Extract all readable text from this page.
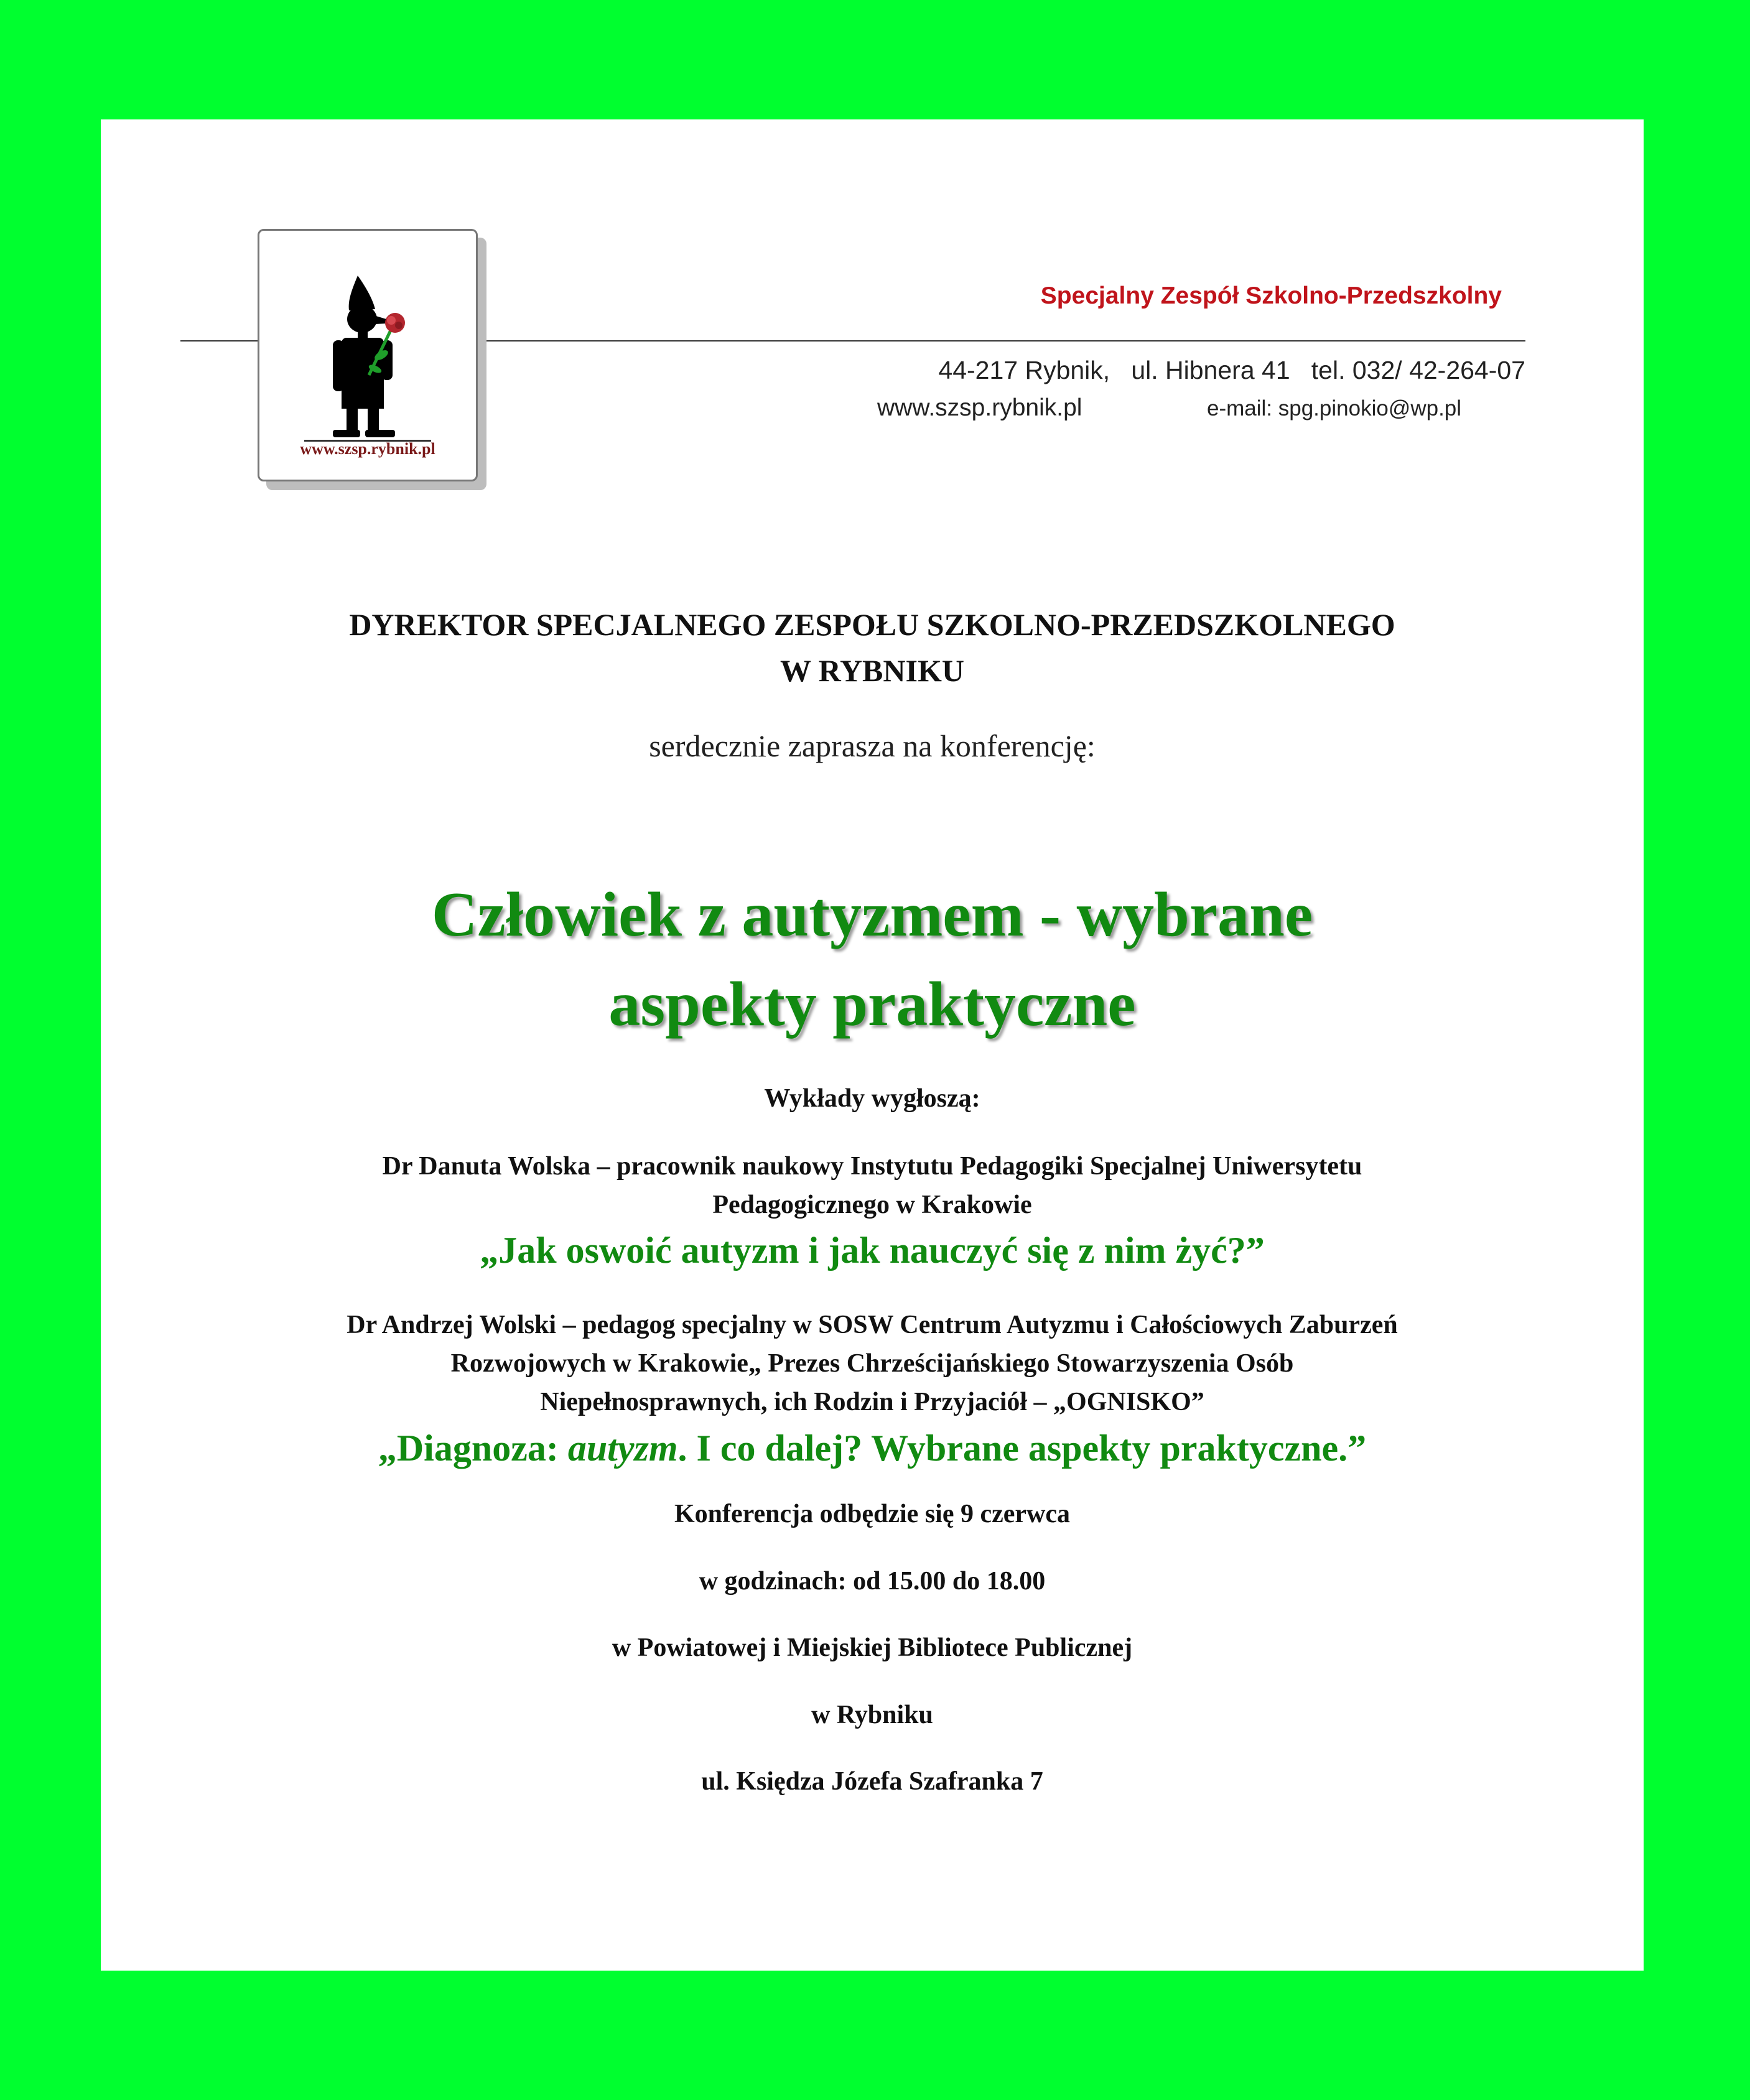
www.szsp.rybnik.pl
Specjalny Zespół Szkolno-Przedszkolny
44-217 Rybnik,   ul. Hibnera 41   tel. 032/ 42-264-07
www.szsp.rybnik.pl	e-mail: spg.pinokio@wp.pl
DYREKTOR SPECJALNEGO ZESPOŁU SZKOLNO-PRZEDSZKOLNEGO
W RYBNIKU
serdecznie zaprasza na konferencję:
Człowiek z autyzmem - wybrane
aspekty praktyczne
Wykłady wygłoszą:
Dr Danuta Wolska – pracownik naukowy Instytutu Pedagogiki Specjalnej Uniwersytetu
Pedagogicznego w Krakowie
„Jak oswoić autyzm i jak nauczyć się z nim żyć?”
Dr Andrzej Wolski – pedagog specjalny w SOSW Centrum Autyzmu i Całościowych Zaburzeń
Rozwojowych w Krakowie„ Prezes Chrześcijańskiego Stowarzyszenia Osób
Niepełnosprawnych, ich Rodzin i Przyjaciół – „OGNISKO”
„Diagnoza: autyzm. I co dalej? Wybrane aspekty praktyczne.”
Konferencja odbędzie się 9 czerwca
w godzinach: od 15.00 do 18.00
w Powiatowej i Miejskiej Bibliotece Publicznej
w Rybniku
ul. Księdza Józefa Szafranka 7
